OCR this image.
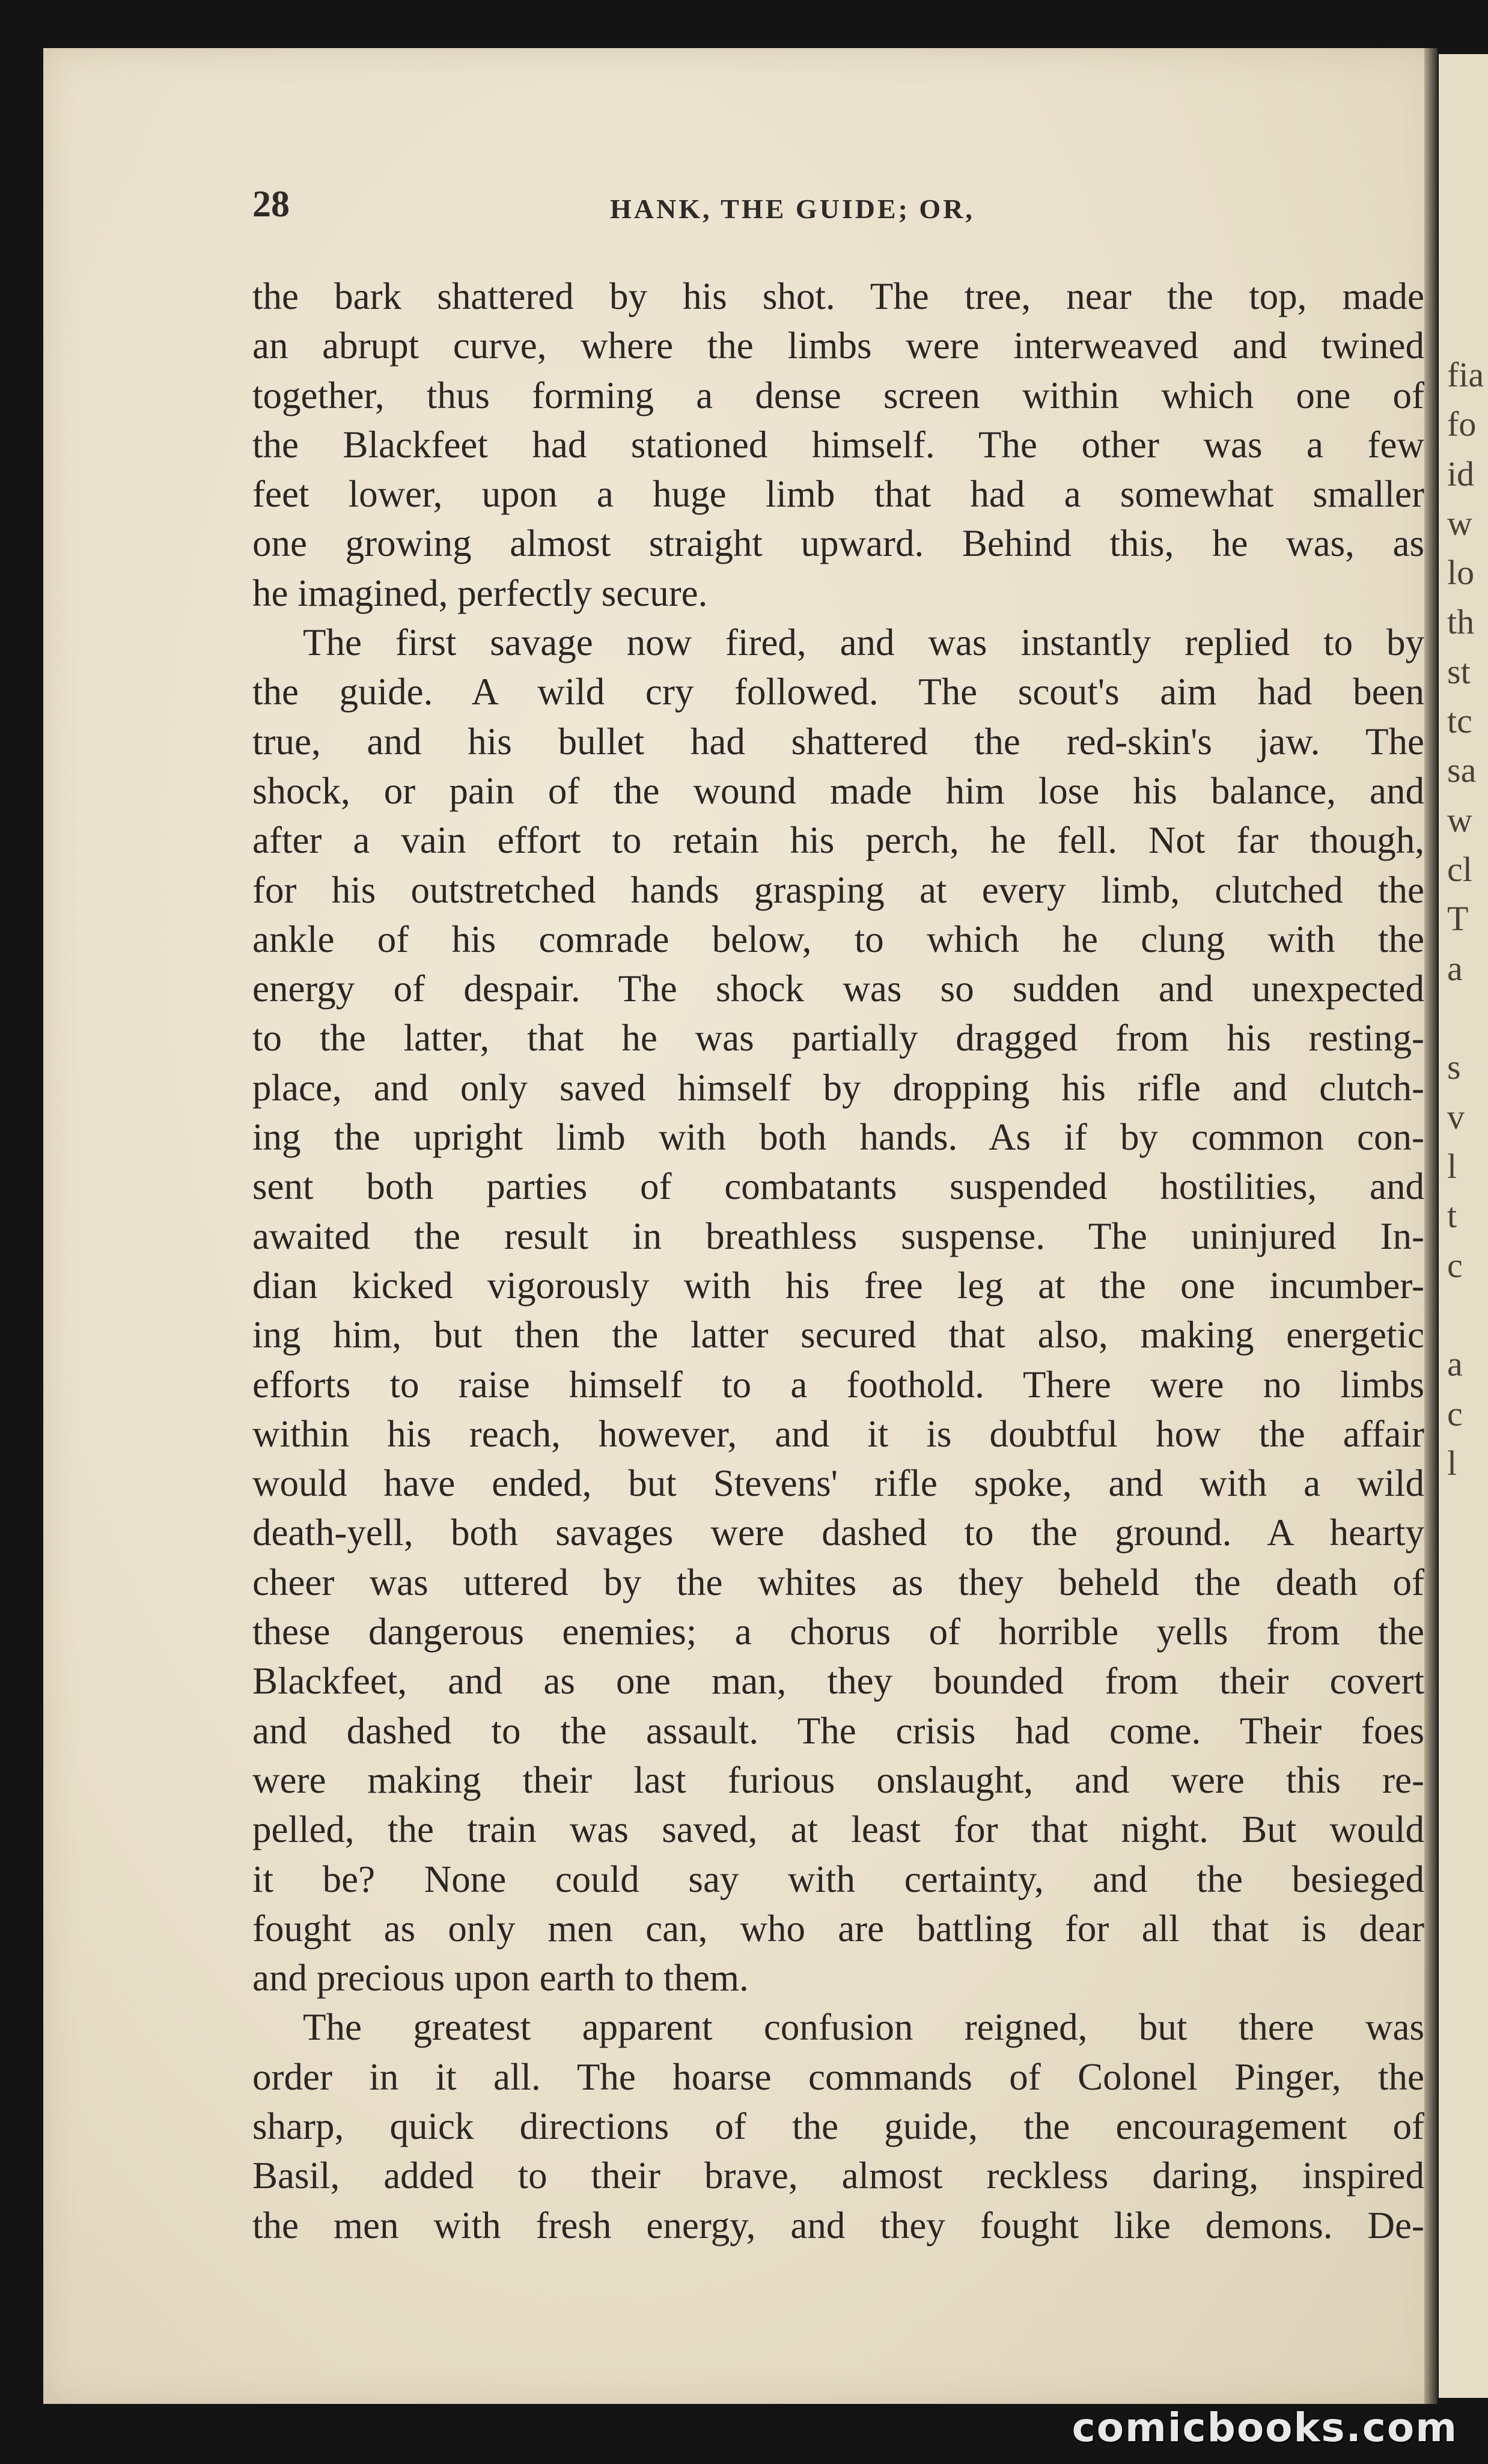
fia
fo
id
w
lo
th
st
tc
sa
w
cl
T
a
s
v
l
t
c
a
c
l
28	HANK, THE GUIDE; OR,
the bark shattered by his shot. The tree, near the top, made
an abrupt curve, where the limbs were interweaved and twined
together, thus forming a dense screen within which one of
the Blackfeet had stationed himself. The other was a few
feet lower, upon a huge limb that had a somewhat smaller
one growing almost straight upward. Behind this, he was, as
he imagined, perfectly secure.
The first savage now fired, and was instantly replied to by
the guide. A wild cry followed. The scout's aim had been
true, and his bullet had shattered the red-skin's jaw. The
shock, or pain of the wound made him lose his balance, and
after a vain effort to retain his perch, he fell. Not far though,
for his outstretched hands grasping at every limb, clutched the
ankle of his comrade below, to which he clung with the
energy of despair. The shock was so sudden and unexpected
to the latter, that he was partially dragged from his resting-
place, and only saved himself by dropping his rifle and clutch-
ing the upright limb with both hands. As if by common con-
sent both parties of combatants suspended hostilities, and
awaited the result in breathless suspense. The uninjured In-
dian kicked vigorously with his free leg at the one incumber-
ing him, but then the latter secured that also, making energetic
efforts to raise himself to a foothold. There were no limbs
within his reach, however, and it is doubtful how the affair
would have ended, but Stevens' rifle spoke, and with a wild
death-yell, both savages were dashed to the ground. A hearty
cheer was uttered by the whites as they beheld the death of
these dangerous enemies; a chorus of horrible yells from the
Blackfeet, and as one man, they bounded from their covert
and dashed to the assault. The crisis had come. Their foes
were making their last furious onslaught, and were this re-
pelled, the train was saved, at least for that night. But would
it be? None could say with certainty, and the besieged
fought as only men can, who are battling for all that is dear
and precious upon earth to them.
The greatest apparent confusion reigned, but there was
order in it all. The hoarse commands of Colonel Pinger, the
sharp, quick directions of the guide, the encouragement of
Basil, added to their brave, almost reckless daring, inspired
the men with fresh energy, and they fought like demons. De-
comicbooks.com
